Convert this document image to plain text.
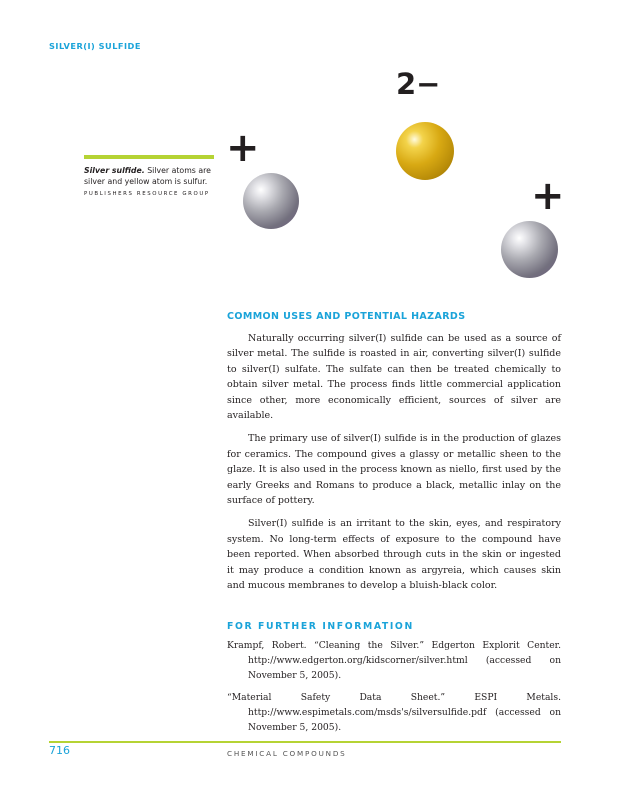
SILVER(I) SULFIDE
+
2−
+
Silver sulfide. Silver atoms are silver and yellow atom is sulfur.
PUBLISHERS RESOURCE GROUP
COMMON USES AND POTENTIAL HAZARDS

Naturally occurring silver(I) sulfide can be used as a source of silver metal. The sulfide is roasted in air, converting silver(I) sulfide to silver(I) sulfate. The sulfate can then be treated chemically to obtain silver metal. The process finds little commercial application since other, more economically efficient, sources of silver are available.

The primary use of silver(I) sulfide is in the production of glazes for ceramics. The compound gives a glassy or metallic sheen to the glaze. It is also used in the process known as niello, first used by the early Greeks and Romans to produce a black, metallic inlay on the surface of pottery.

Silver(I) sulfide is an irritant to the skin, eyes, and respiratory system. No long-term effects of exposure to the compound have been reported. When absorbed through cuts in the skin or ingested it may produce a condition known as argyreia, which causes skin and mucous membranes to develop a bluish-black color.

FOR FURTHER INFORMATION
Krampf, Robert. “Cleaning the Silver.” Edgerton Explorit Center. http://www.edgerton.org/kidscorner/silver.html (accessed on November 5, 2005).
“Material Safety Data Sheet.” ESPI Metals. http://www.espimetals.com/msds's/silversulfide.pdf (accessed on November 5, 2005).
716	CHEMICAL COMPOUNDS
